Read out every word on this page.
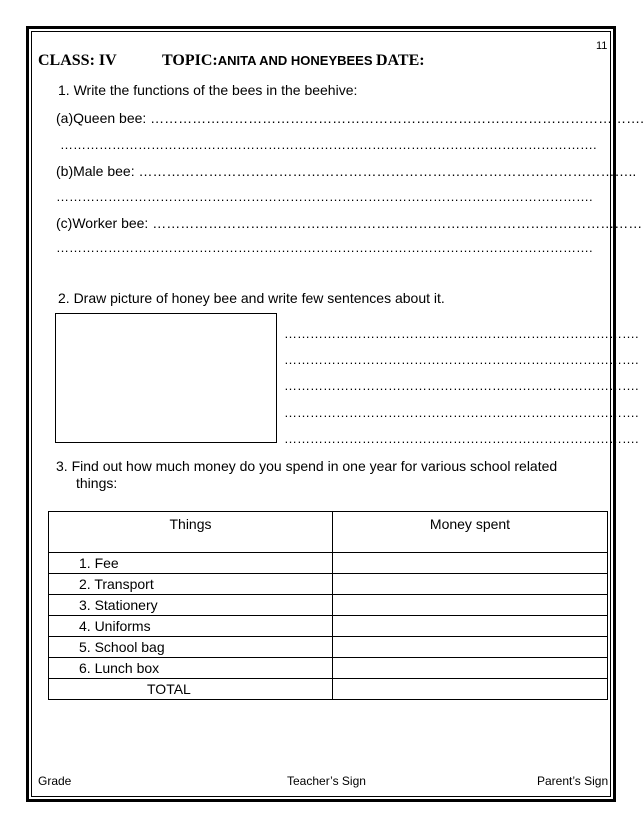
11
CLASS: IV	TOPIC:ANITA AND HONEYBEES DATE:
1. Write the functions of the bees in the beehive:
(a)Queen bee: …………………………………………………………………………………………….
…………………………………………………………………………………………………………….
(b)Male bee: ……………………………………………………………………………………………..
…………………………………………………………………………………………………………….
(c)Worker bee: ……………………………………………………………………………………………
…………………………………………………………………………………………………………….
2. Draw picture of honey bee and write few sentences about it.
……………………………………………………………………….
……………………………………………………………………….
……………………………………………………………………….
……………………………………………………………………….
……………………………………………………………………….
3. Find out how much money do you spend in one year for various school related
things:
Things	Money spent
1. Fee	
2. Transport	
3. Stationery	
4. Uniforms	
5. School bag	
6. Lunch box	
TOTAL	
Grade	Teacher’s Sign	Parent’s Sign
